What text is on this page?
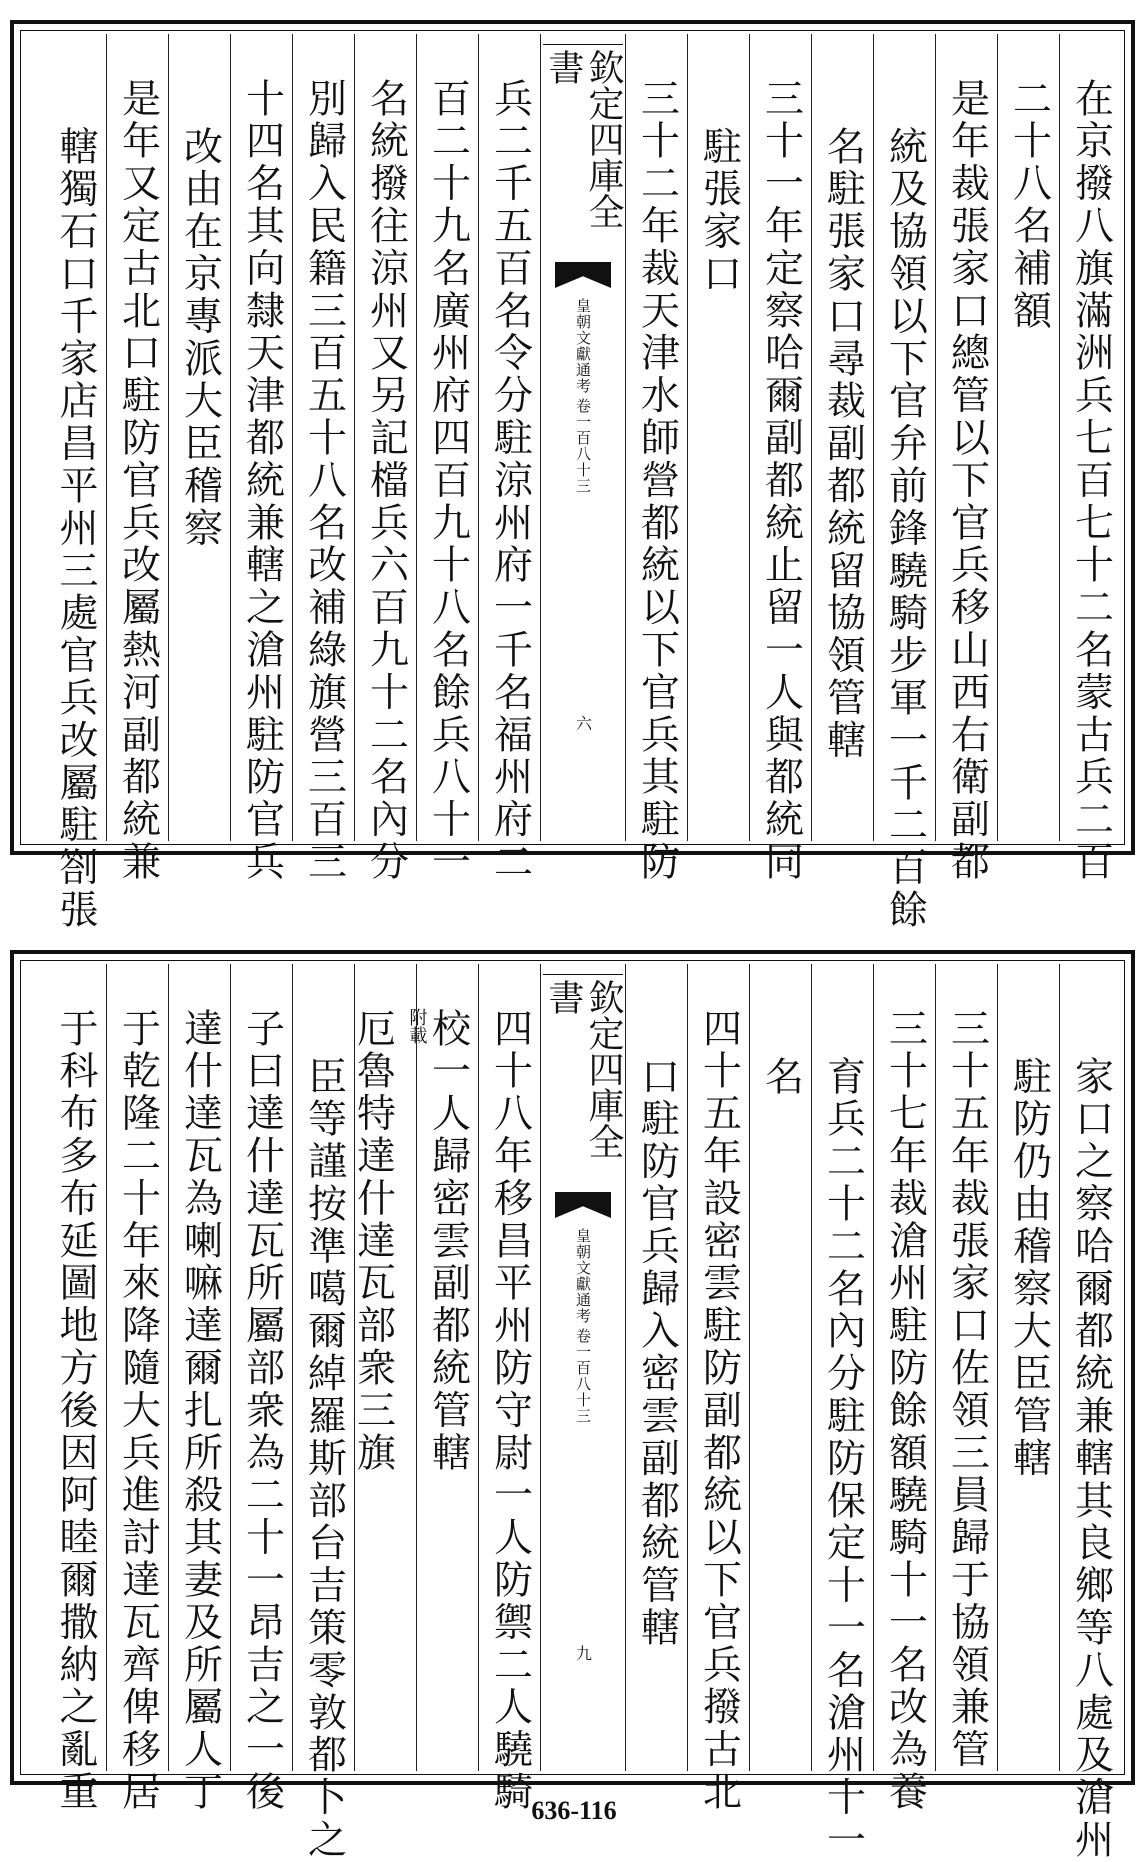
在京撥八旗滿洲兵七百七十二名蒙古兵二百
二十八名補額
是年裁張家口總管以下官兵移山西右衛副都
統及協領以下官弁前鋒驍騎步軍一千二百餘
名駐張家口尋裁副都統留協領管轄
三十一年定察哈爾副都統止留一人與都統同
駐張家口
三十二年裁天津水師營都統以下官兵其駐防
欽定四庫全書
皇朝文獻通考
卷一百八十三
六
兵二千五百名令分駐涼州府一千名福州府二
百二十九名廣州府四百九十八名餘兵八十一
名統撥往涼州又另記檔兵六百九十二名內分
別歸入民籍三百五十八名改補綠旗營三百三
十四名其向隸天津都統兼轄之滄州駐防官兵
改由在京專派大臣稽察
是年又定古北口駐防官兵改屬熱河副都統兼
轄獨石口千家店昌平州三處官兵改屬駐劄張
家口之察哈爾都統兼轄其良鄉等八處及滄州
駐防仍由稽察大臣管轄
三十五年裁張家口佐領三員歸于協領兼管
三十七年裁滄州駐防餘額驍騎十一名改為養
育兵二十二名內分駐防保定十一名滄州十一
名
四十五年設密雲駐防副都統以下官兵撥古北
口駐防官兵歸入密雲副都統管轄
欽定四庫全書
皇朝文獻通考
卷一百八十三
九
四十八年移昌平州防守尉一人防禦二人驍騎
校一人歸密雲副都統管轄
厄魯特達什達瓦部衆三旗 附載
臣等謹按準噶爾綽羅斯部台吉策零敦都卜之
子曰達什達瓦所屬部衆為二十一昂吉之一後
達什達瓦為喇嘛達爾扎所殺其妻及所屬人丁
于乾隆二十年來降隨大兵進討達瓦齊俾移居
于科布多布延圖地方後因阿睦爾撒納之亂重	636-116
